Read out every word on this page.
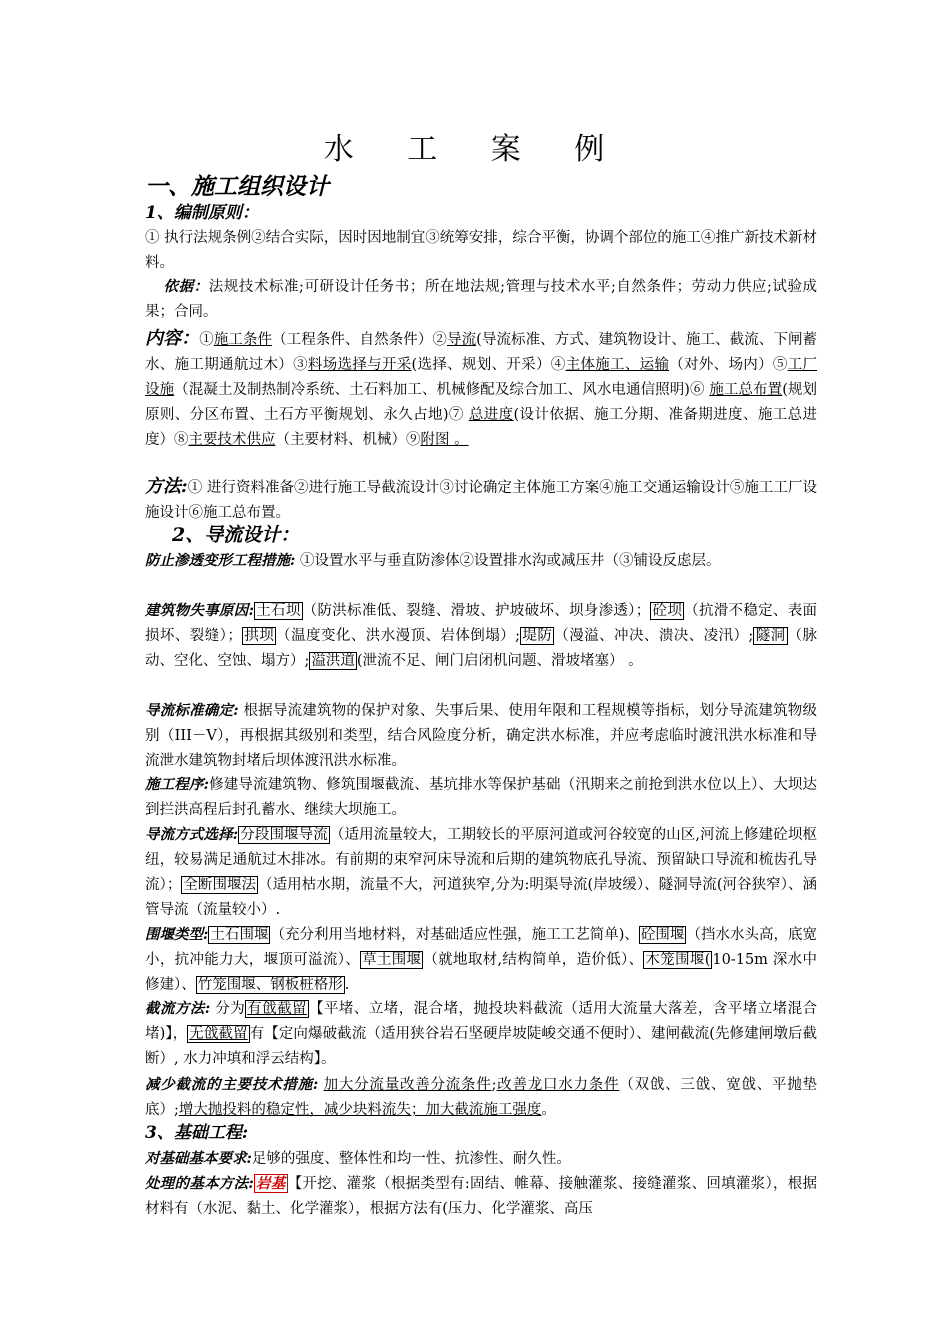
水 工 案 例
一、施工组织设计
1、编制原则：
① 执行法规条例②结合实际，因时因地制宜③统筹安排，综合平衡，协调个部位的施工④推广新技术新材料。
依据：法规技术标准;可研设计任务书；所在地法规;管理与技术水平;自然条件；劳动力供应;试验成果；合同。
内容：①施工条件（工程条件、自然条件）②导流(导流标准、方式、建筑物设计、施工、截流、下闸蓄水、施工期通航过木）③料场选择与开采(选择、规划、开采）④主体施工、运输（对外、场内）⑤工厂设施（混凝土及制热制冷系统、土石料加工、机械修配及综合加工、风水电通信照明)⑥ 施工总布置(规划原则、分区布置、土石方平衡规划、永久占地)⑦ 总进度(设计依据、施工分期、准备期进度、施工总进度）⑧主要技术供应（主要材料、机械）⑨附图 。
方法:① 进行资料准备②进行施工导截流设计③讨论确定主体施工方案④施工交通运输设计⑤施工工厂设施设计⑥施工总布置。
2、导流设计：
防止渗透变形工程措施: ①设置水平与垂直防渗体②设置排水沟或减压井（③铺设反虑层。
建筑物失事原因: 土石坝 （防洪标准低、裂缝、滑坡、护坡破坏、坝身渗透）； 砼坝 （抗滑不稳定、表面损坏、裂缝）； 拱坝 （温度变化、洪水漫顶、岩体倒塌）; 堤防 （漫溢、冲决、溃决、凌汛）; 隧洞 （脉动、空化、空蚀、塌方）; 溢洪道 (泄流不足、闸门启闭机问题、滑坡堵塞） 。
导流标准确定: 根据导流建筑物的保护对象、失事后果、使用年限和工程规模等指标，划分导流建筑物级别（III－V），再根据其级别和类型，结合风险度分析，确定洪水标准，并应考虑临时渡汛洪水标准和导流泄水建筑物封堵后坝体渡汛洪水标准。
施工程序:修建导流建筑物、修筑围堰截流、基坑排水等保护基础（汛期来之前抢到洪水位以上）、大坝达到拦洪高程后封孔蓄水、继续大坝施工。
导流方式选择: 分段围堰导流 （适用流量较大，工期较长的平原河道或河谷较宽的山区,河流上修建砼坝枢纽，较易满足通航过木排冰。有前期的束窄河床导流和后期的建筑物底孔导流、预留缺口导流和梳齿孔导流）； 全断围堰法 （适用枯水期，流量不大，河道狭窄,分为:明渠导流(岸坡缓）、隧洞导流(河谷狭窄）、涵管导流（流量较小）.
围堰类型: 土石围堰 （充分利用当地材料，对基础适应性强，施工工艺简单)、 砼围堰 （挡水水头高，底宽小，抗冲能力大，堰顶可溢流）、 草土围堰 （就地取材,结构简单，造价低）、 木笼围堰( 10-15m 深水中修建）、 竹笼围堰、钢板桩格形 .
截流方法: 分为 有戗截留 【平堵、立堵，混合堵，抛投块料截流（适用大流量大落差，含平堵立堵混合堵)】， 无戗截留 有【定向爆破截流（适用狭谷岩石坚硬岸坡陡峻交通不便时）、建闸截流(先修建闸墩后截断）, 水力冲填和浮云结构】。
减少截流的主要技术措施: 加大分流量改善分流条件;改善龙口水力条件（双戗、三戗、宽戗、平抛垫底）;增大抛投料的稳定性，减少块料流失；加大截流施工强度。
3、基础工程:
对基础基本要求:足够的强度、整体性和均一性、抗渗性、耐久性。
处理的基本方法: 岩基 【开挖、灌浆（根据类型有:固结、帷幕、接触灌浆、接缝灌浆、回填灌浆），根据材料有（水泥、黏土、化学灌浆），根据方法有(压力、化学灌浆、高压
